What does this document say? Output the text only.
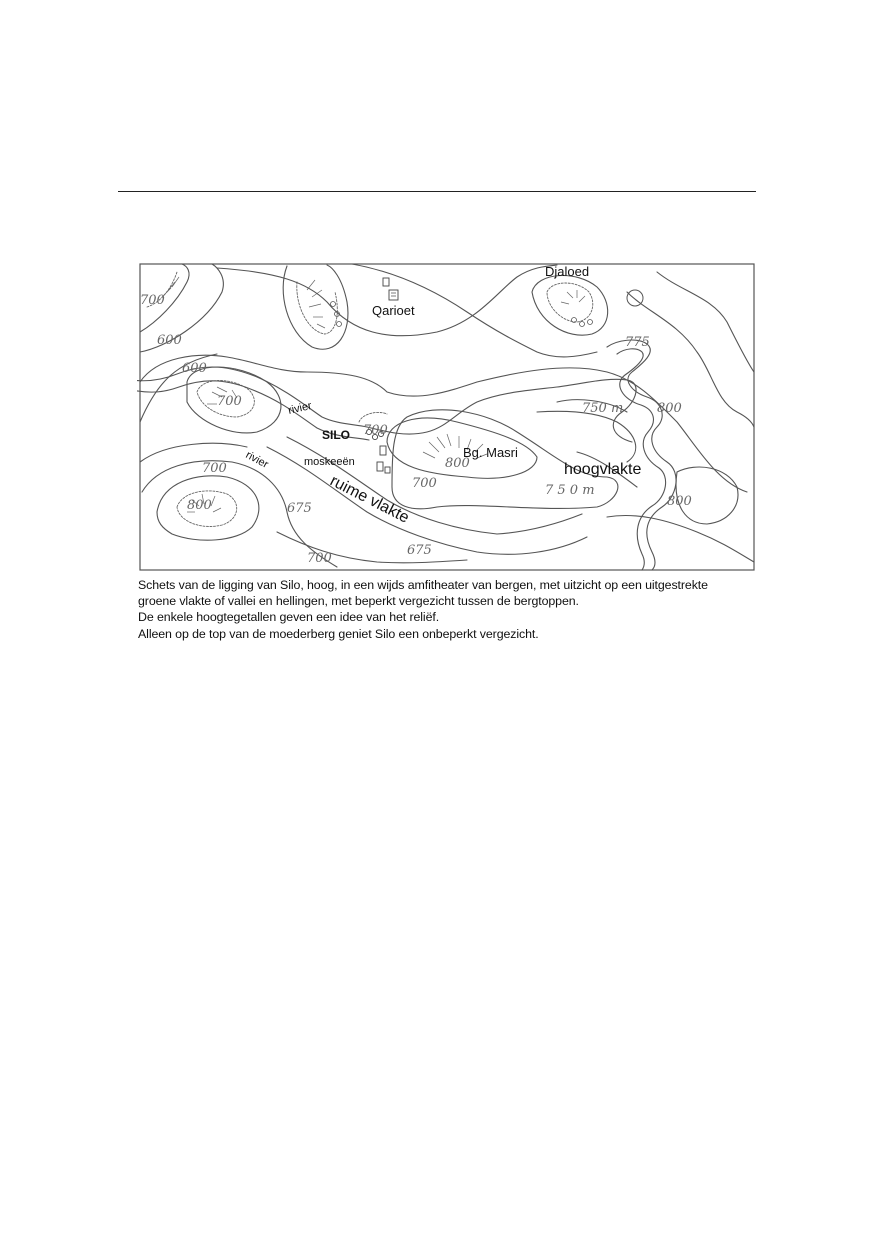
700
600
600
700
700
700
800
775
750 m	800
800
7 5 0 m
800
675
700
675
700
Djaloed
Qarioet
rivier
rivier
SILO
moskeeën
Bg. Masri
hoogvlakte
ruime vlakte

Schets van de ligging van Silo, hoog, in een wijds amfitheater van bergen, met uitzicht op een uitgestrekte

groene vlakte of vallei en hellingen, met beperkt vergezicht tussen de bergtoppen.

De enkele hoogtegetallen geven een idee van het reliëf.

Alleen op de top van de moederberg geniet Silo een onbeperkt vergezicht.
